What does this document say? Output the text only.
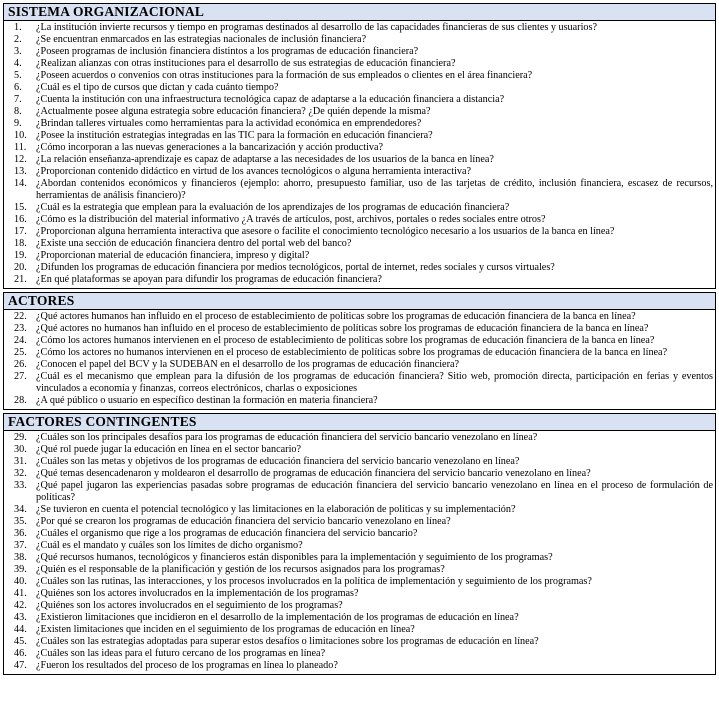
SISTEMA ORGANIZACIONAL
1.	¿La institución invierte recursos y tiempo en programas destinados al desarrollo de las capacidades financieras de sus clientes y usuarios?
2.	¿Se encuentran enmarcados en las estrategias nacionales de inclusión financiera?
3.	¿Poseen programas de inclusión financiera distintos a los programas de educación financiera?
4.	¿Realizan alianzas con otras instituciones para el desarrollo de sus estrategias de educación financiera?
5.	¿Poseen acuerdos o convenios con otras instituciones para la formación de sus empleados o clientes en el área financiera?
6.	¿Cuál es el tipo de cursos que dictan y cada cuánto tiempo?
7.	¿Cuenta la institución con una infraestructura tecnológica capaz de adaptarse a la educación financiera a distancia?
8.	¿Actualmente posee alguna estrategia sobre educación financiera? ¿De quién depende la misma?
9.	¿Brindan talleres virtuales como herramientas para la actividad económica en emprendedores?
10. ¿Posee la institución estrategias integradas en las TIC para la formación en educación financiera?
11. ¿Cómo incorporan a las nuevas generaciones a la bancarización y acción productiva?
12. ¿La relación enseñanza-aprendizaje es capaz de adaptarse a las necesidades de los usuarios de la banca en línea?
13. ¿Proporcionan contenido didáctico en virtud de los avances tecnológicos o alguna herramienta interactiva?
14. ¿Abordan contenidos económicos y financieros (ejemplo: ahorro, presupuesto familiar, uso de las tarjetas de crédito, inclusión financiera, escasez de recursos, herramientas de análisis financiero)?
15. ¿Cuál es la estrategia que emplean para la evaluación de los aprendizajes de los programas de educación financiera?
16. ¿Cómo es la distribución del material informativo ¿A través de artículos, post, archivos, portales o redes sociales entre otros?
17. ¿Proporcionan alguna herramienta interactiva que asesore o facilite el conocimiento tecnológico necesario a los usuarios de la banca en línea?
18. ¿Existe una sección de educación financiera dentro del portal web del banco?
19. ¿Proporcionan material de educación financiera, impreso y digital?
20. ¿Difunden los programas de educación financiera por medios tecnológicos, portal de internet, redes sociales y cursos virtuales?
21. ¿En qué plataformas se apoyan para difundir los programas de educación financiera?
ACTORES
22. ¿Qué actores humanos han influido en el proceso de establecimiento de políticas sobre los programas de educación financiera de la banca en línea?
23. ¿Qué actores no humanos han influido en el proceso de establecimiento de políticas sobre los programas de educación financiera de la banca en línea?
24. ¿Cómo los actores humanos intervienen en el proceso de establecimiento de políticas sobre los programas de educación financiera de la banca en línea?
25. ¿Cómo los actores no humanos intervienen en el proceso de establecimiento de políticas sobre los programas de educación financiera de la banca en línea?
26. ¿Conocen el papel del BCV y la SUDEBAN en el desarrollo de los programas de educación financiera?
27. ¿Cuál es el mecanismo que emplean para la difusión de los programas de educación financiera? Sitio web, promoción directa, participación en ferias y eventos vinculados a economía y finanzas, correos electrónicos, charlas o exposiciones
28. ¿A qué público o usuario en específico destinan la formación en materia financiera?
FACTORES CONTINGENTES
29. ¿Cuáles son los principales desafíos para los programas de educación financiera del servicio bancario venezolano en línea?
30. ¿Qué rol puede jugar la educación en línea en el sector bancario?
31. ¿Cuáles son las metas y objetivos de los programas de educación financiera del servicio bancario venezolano en línea?
32. ¿Qué temas desencadenaron y moldearon el desarrollo de programas de educación financiera del servicio bancario venezolano en línea?
33. ¿Qué papel jugaron las experiencias pasadas sobre programas de educación financiera del servicio bancario venezolano en línea en el proceso de formulación de políticas?
34. ¿Se tuvieron en cuenta el potencial tecnológico y las limitaciones en la elaboración de políticas y su implementación?
35. ¿Por qué se crearon los programas de educación financiera del servicio bancario venezolano en línea?
36. ¿Cuáles el organismo que rige a los programas de educación financiera del servicio bancario?
37. ¿Cuál es el mandato y cuáles son los límites de dicho organismo?
38. ¿Qué recursos humanos, tecnológicos y financieros están disponibles para la implementación y seguimiento de los programas?
39. ¿Quién es el responsable de la planificación y gestión de los recursos asignados para los programas?
40. ¿Cuáles son las rutinas, las interacciones, y los procesos involucrados en la política de implementación y seguimiento de los programas?
41. ¿Quiénes son los actores involucrados en la implementación de los programas?
42. ¿Quiénes son los actores involucrados en el seguimiento de los programas?
43. ¿Existieron limitaciones que incidieron en el desarrollo de la implementación de los programas de educación en línea?
44. ¿Existen limitaciones que inciden en el seguimiento de los programas de educación en línea?
45. ¿Cuáles son las estrategias adoptadas para superar estos desafíos o limitaciones sobre los programas de educación en línea?
46. ¿Cuáles son las ideas para el futuro cercano de los programas en línea?
47. ¿Fueron los resultados del proceso de los programas en línea lo planeado?
